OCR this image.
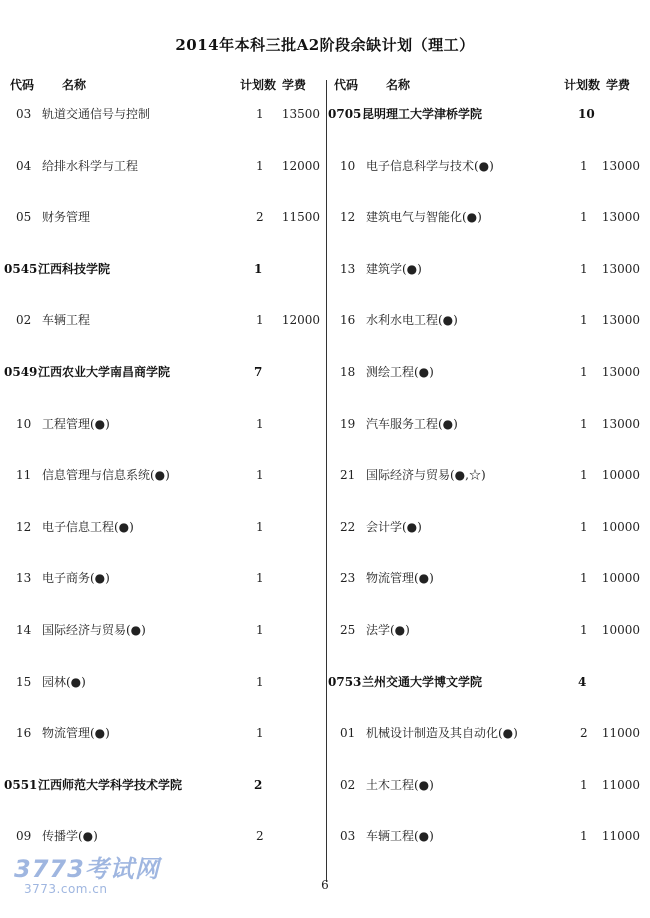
2014年本科三批A2阶段余缺计划（理工）
代码 名称	计划数 学费
03 轨道交通信号与控制	1 13500
04 给排水科学与工程	1 12000
05 财务管理	2 11500
0545 江西科技学院	1
02 车辆工程	1 12000
0549 江西农业大学南昌商学院	7
10 工程管理(●)	1
11 信息管理与信息系统(●)	1
12 电子信息工程(●)	1
13 电子商务(●)	1
14 国际经济与贸易(●)	1
15 园林(●)	1
16 物流管理(●)	1
0551 江西师范大学科学技术学院	2
09 传播学(●)	2
代码 名称	计划数 学费
0705 昆明理工大学津桥学院	10
10 电子信息科学与技术(●)	1 13000
12 建筑电气与智能化(●)	1 13000
13 建筑学(●)	1 13000
16 水利水电工程(●)	1 13000
18 测绘工程(●)	1 13000
19 汽车服务工程(●)	1 13000
21 国际经济与贸易(●,☆)	1 10000
22 会计学(●)	1 10000
23 物流管理(●)	1 10000
25 法学(●)	1 10000
0753 兰州交通大学博文学院	4
01 机械设计制造及其自动化(●)	2 11000
02 土木工程(●)	1 11000
03 车辆工程(●)	1 11000
6
3773考试网
3773.com.cn
